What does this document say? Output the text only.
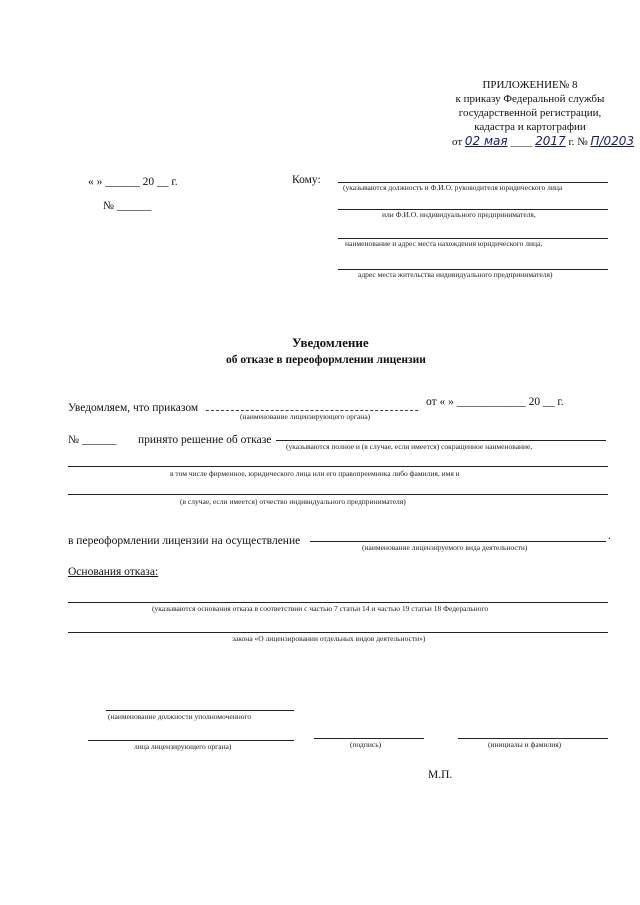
ПРИЛОЖЕНИЕ№ 8
к приказу Федеральной службы
государственной регистрации,
кадастра и картографии
от 02 мая ____ 2017 г. № П/0203
« » ______ 20 __ г.
№ ______
Кому:
(указываются должность и Ф.И.О. руководителя юридического лица
или Ф.И.О. индивидуального предпринимателя,
наименование и адрес места нахождения юридического лица,
адрес места жительства индивидуального предпринимателя)
Уведомление
об отказе в переоформлении лицензии
Уведомляем, что приказом
(наименование лицензирующего органа)
от « » ____________ 20 __ г.
№ ______ принято решение об отказе
(указываются полное и (в случае, если имеется) сокращенное наименование,
в том числе фирменное, юридического лица или его правопреемника либо фамилия, имя и
(в случае, если имеется) отчество индивидуального предпринимателя)
в переоформлении лицензии на осуществление	.
(наименование лицензируемого вида деятельности)
Основания отказа:
(указываются основания отказа в соответствии с частью 7 статьи 14 и частью 19 статьи 18 Федерального
закона «О лицензировании отдельных видов деятельности»)
(наименование должности уполномоченного
лица лицензирующего органа)	(подпись)	(инициалы и фамилия)
М.П.
